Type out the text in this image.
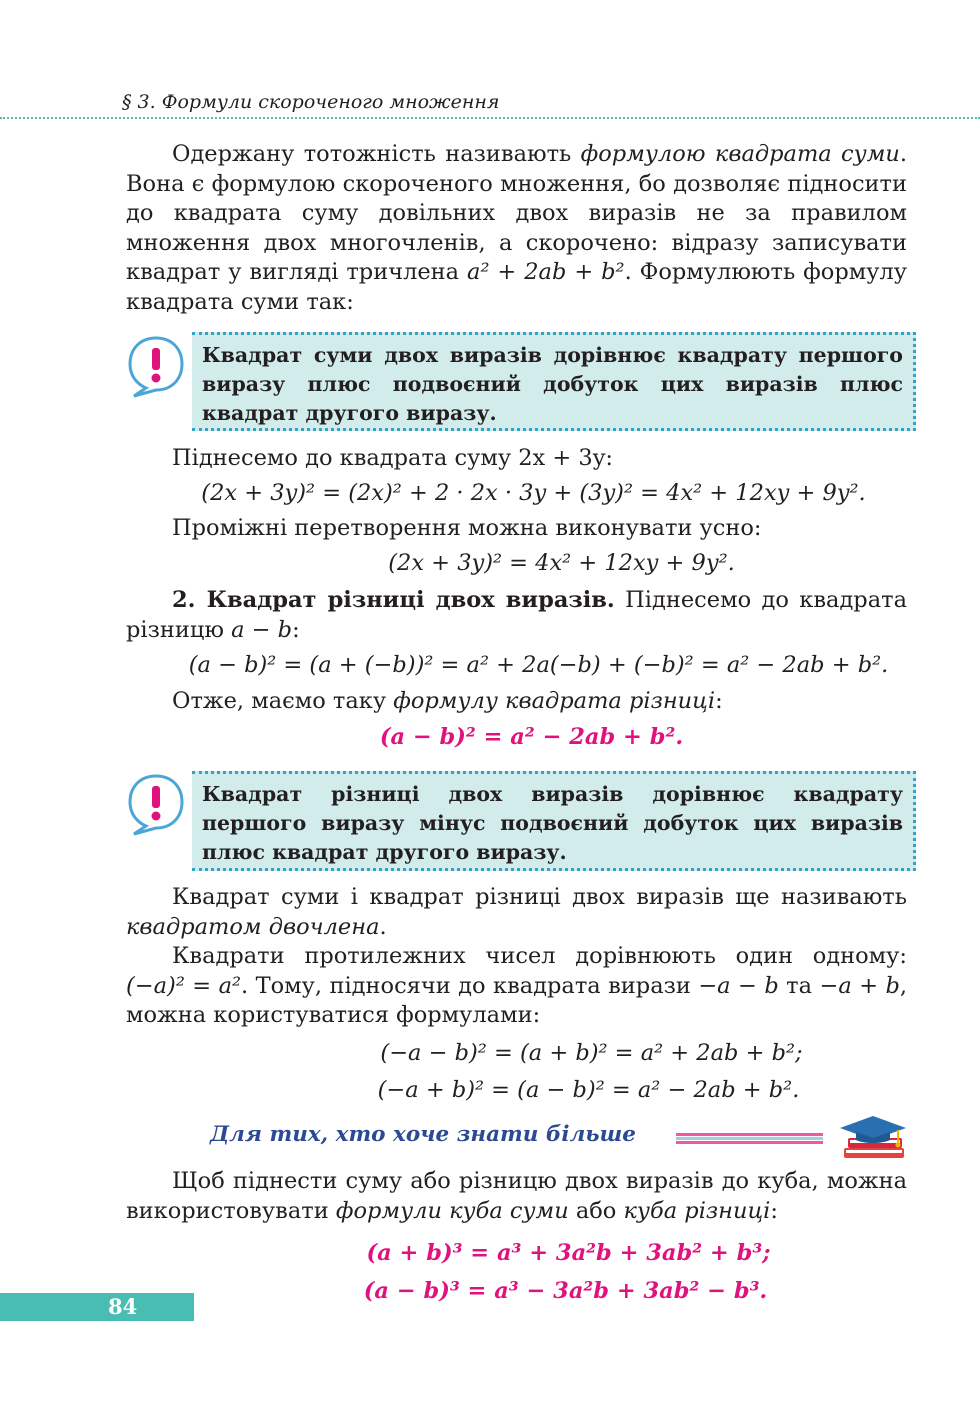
§ 3. Формули скороченого множення
Одержану тотожність називають формулою квадрата суми. Вона є формулою скороченого множення, бо дозволяє підносити до квадрата суму довільних двох виразів не за правилом множення двох многочленів, а скорочено: відразу записувати квадрат у вигляді тричлена a² + 2ab + b². Формулюють формулу квадрата суми так:
Квадрат суми двох виразів дорівнює квадрату першого виразу плюс подвоєний добуток цих виразів плюс квадрат другого виразу.
Піднесемо до квадрата суму 2x + 3y:
(2x + 3y)² = (2x)² + 2 · 2x · 3y + (3y)² = 4x² + 12xy + 9y².
Проміжні перетворення можна виконувати усно:
(2x + 3y)² = 4x² + 12xy + 9y².
2. Квадрат різниці двох виразів. Піднесемо до квадрата різницю a − b:
(a − b)² = (a + (−b))² = a² + 2a(−b) + (−b)² = a² − 2ab + b².
Отже, маємо таку формулу квадрата різниці:
(a − b)² = a² − 2ab + b².
Квадрат різниці двох виразів дорівнює квадрату першого виразу мінус подвоєний добуток цих виразів плюс квадрат другого виразу.
Квадрат суми і квадрат різниці двох виразів ще називають квадратом двочлена.
Квадрати протилежних чисел дорівнюють один одному: (−a)² = a². Тому, підносячи до квадрата вирази −a − b та −a + b, можна користуватися формулами:
(−a − b)² = (a + b)² = a² + 2ab + b²;
(−a + b)² = (a − b)² = a² − 2ab + b².
Для тих, хто хоче знати більше
Щоб піднести суму або різницю двох виразів до куба, можна використовувати формули куба суми або куба різниці:
(a + b)³ = a³ + 3a²b + 3ab² + b³;
(a − b)³ = a³ − 3a²b + 3ab² − b³.
84
